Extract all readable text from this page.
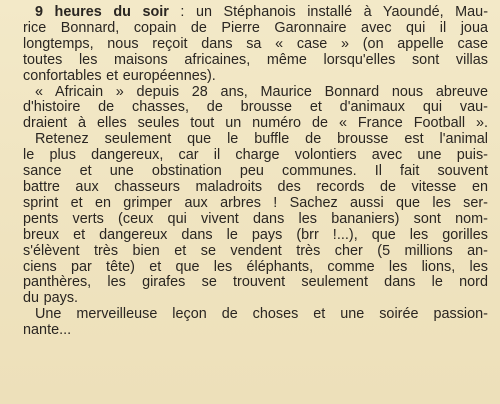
9 heures du soir : un Stéphanois installé à Yaoundé, Mau-
rice Bonnard, copain de Pierre Garonnaire avec qui il joua
longtemps, nous reçoit dans sa « case » (on appelle case
toutes les maisons africaines, même lorsqu'elles sont villas
confortables et européennes).

« Africain » depuis 28 ans, Maurice Bonnard nous abreuve
d'histoire de chasses, de brousse et d'animaux qui vau-
draient à elles seules tout un numéro de « France Football ».

Retenez seulement que le buffle de brousse est l'animal
le plus dangereux, car il charge volontiers avec une puis-
sance et une obstination peu communes. Il fait souvent
battre aux chasseurs maladroits des records de vitesse en
sprint et en grimper aux arbres ! Sachez aussi que les ser-
pents verts (ceux qui vivent dans les bananiers) sont nom-
breux et dangereux dans le pays (brr !...), que les gorilles
s'élèvent très bien et se vendent très cher (5 millions an-
ciens par tête) et que les éléphants, comme les lions, les
panthères, les girafes se trouvent seulement dans le nord
du pays.

Une merveilleuse leçon de choses et une soirée passion-
nante...
